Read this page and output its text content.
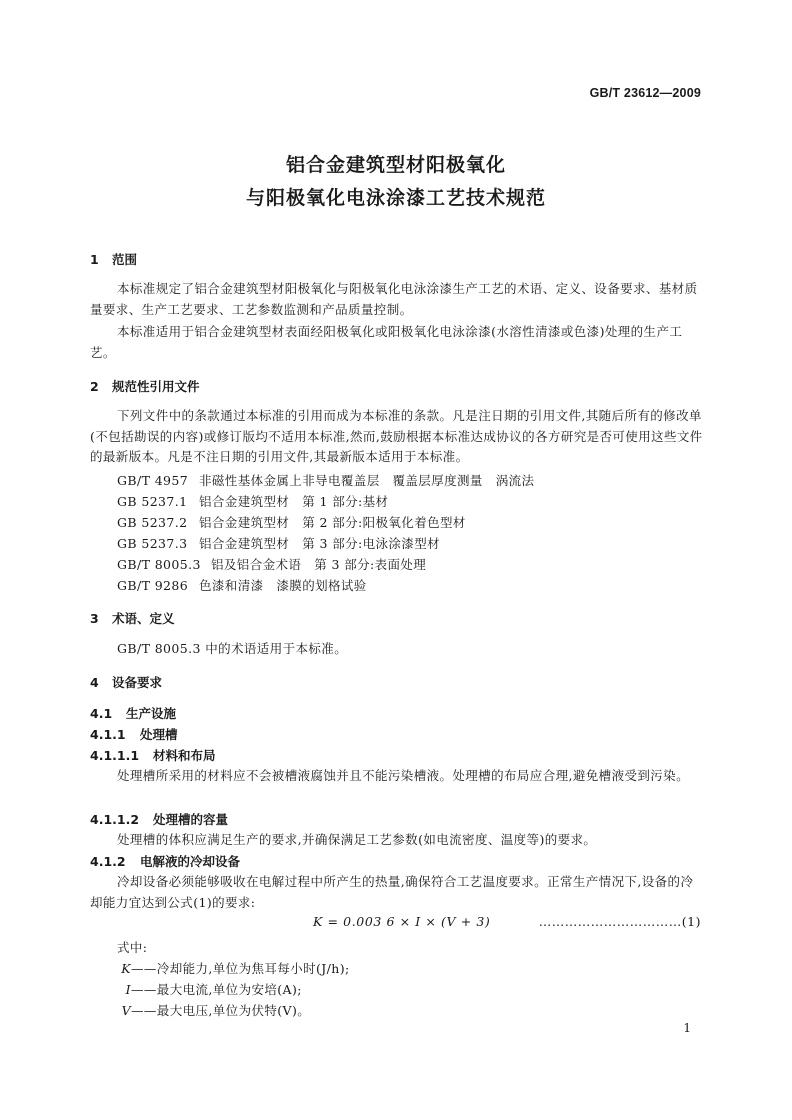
GB/T 23612—2009
铝合金建筑型材阳极氧化
与阳极氧化电泳涂漆工艺技术规范
1 范围
本标准规定了铝合金建筑型材阳极氧化与阳极氧化电泳涂漆生产工艺的术语、定义、设备要求、基材质量要求、生产工艺要求、工艺参数监测和产品质量控制。
本标准适用于铝合金建筑型材表面经阳极氧化或阳极氧化电泳涂漆(水溶性清漆或色漆)处理的生产工艺。
2 规范性引用文件
下列文件中的条款通过本标准的引用而成为本标准的条款。凡是注日期的引用文件,其随后所有的修改单(不包括勘误的内容)或修订版均不适用本标准,然而,鼓励根据本标准达成协议的各方研究是否可使用这些文件的最新版本。凡是不注日期的引用文件,其最新版本适用于本标准。
GB/T 4957 非磁性基体金属上非导电覆盖层　覆盖层厚度测量　涡流法
GB 5237.1 铝合金建筑型材　第 1 部分:基材
GB 5237.2 铝合金建筑型材　第 2 部分:阳极氧化着色型材
GB 5237.3 铝合金建筑型材　第 3 部分:电泳涂漆型材
GB/T 8005.3 铝及铝合金术语　第 3 部分:表面处理
GB/T 9286 色漆和清漆　漆膜的划格试验
3 术语、定义
GB/T 8005.3 中的术语适用于本标准。
4 设备要求
4.1 生产设施
4.1.1 处理槽
4.1.1.1 材料和布局
处理槽所采用的材料应不会被槽液腐蚀并且不能污染槽液。处理槽的布局应合理,避免槽液受到污染。
4.1.1.2 处理槽的容量
处理槽的体积应满足生产的要求,并确保满足工艺参数(如电流密度、温度等)的要求。
4.1.2 电解液的冷却设备
冷却设备必须能够吸收在电解过程中所产生的热量,确保符合工艺温度要求。正常生产情况下,设备的冷却能力宜达到公式(1)的要求:
K = 0.003 6 × I × (V + 3)	……………………………(1)
式中:
K——冷却能力,单位为焦耳每小时(J/h);
I——最大电流,单位为安培(A);
V——最大电压,单位为伏特(V)。
1
